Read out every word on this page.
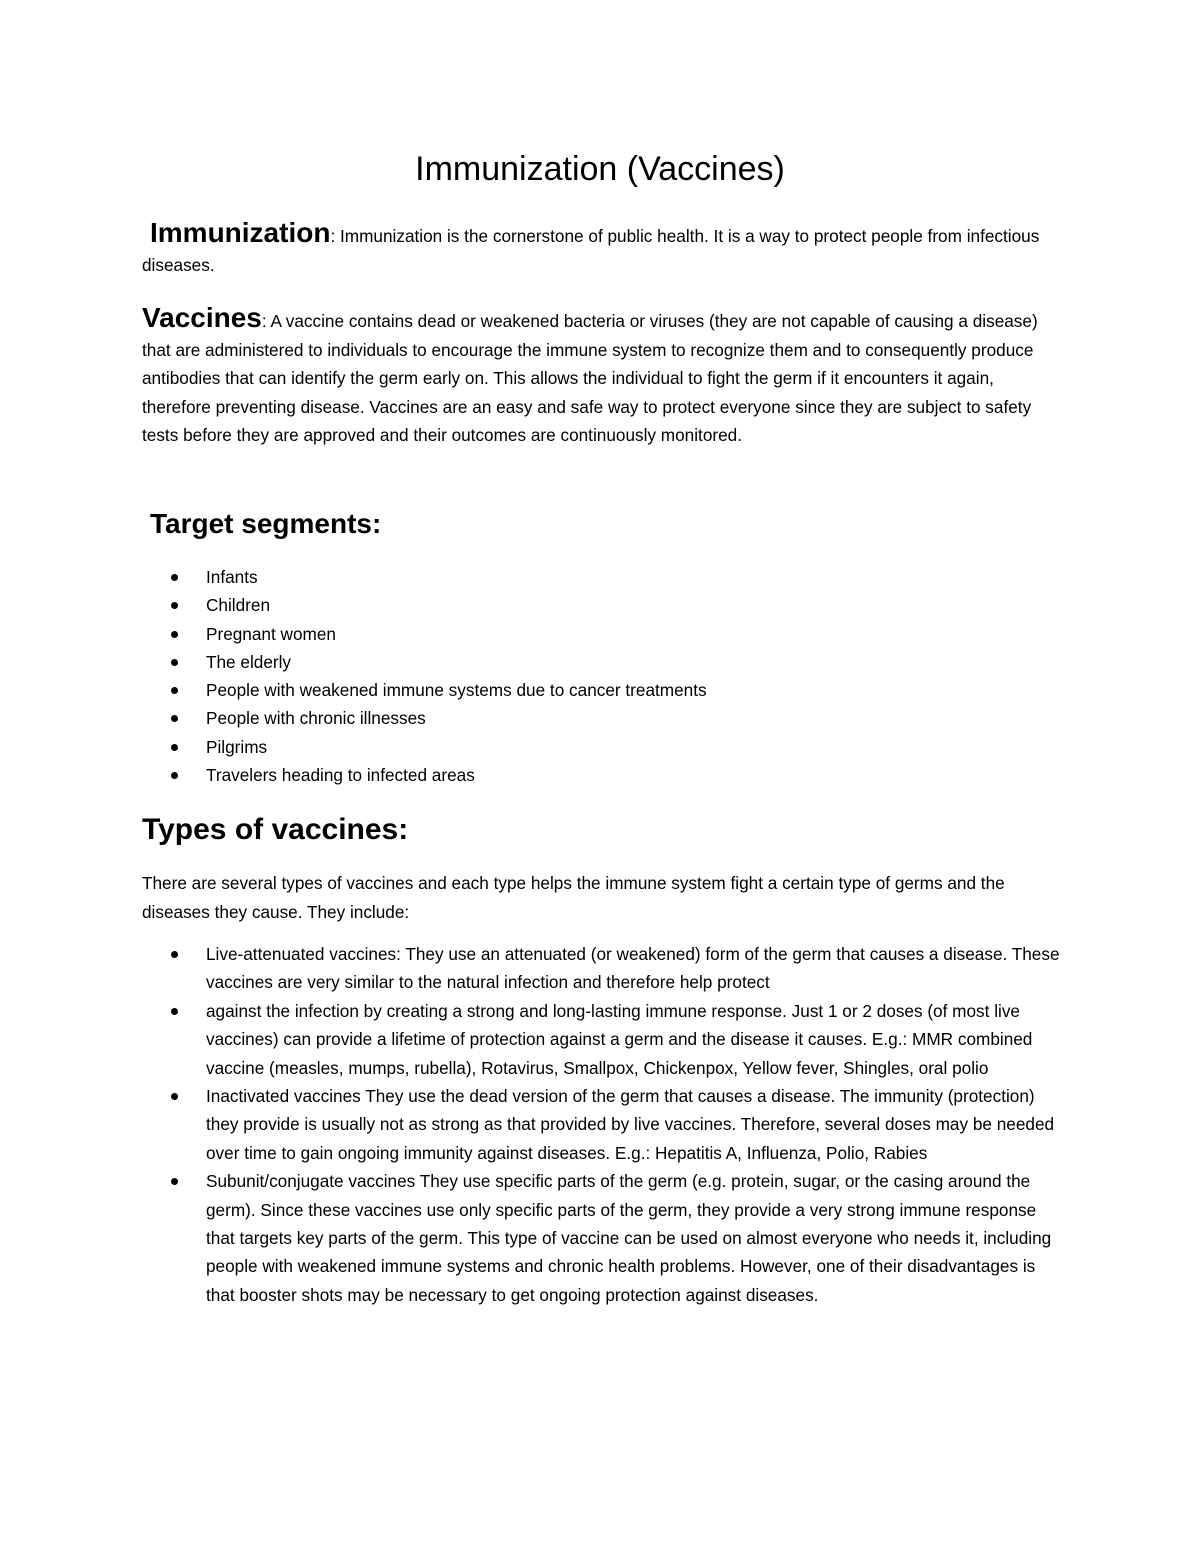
Immunization (Vaccines)

Immunization: Immunization is the cornerstone of public health. It is a way to protect people from infectious diseases.

Vaccines: A vaccine contains dead or weakened bacteria or viruses (they are not capable of causing a disease) that are administered to individuals to encourage the immune system to recognize them and to consequently produce antibodies that can identify the germ early on. This allows the individual to fight the germ if it encounters it again, therefore preventing disease. Vaccines are an easy and safe way to protect everyone since they are subject to safety tests before they are approved and their outcomes are continuously monitored.

Target segments:
Infants
Children
Pregnant women
The elderly
People with weakened immune systems due to cancer treatments
People with chronic illnesses
Pilgrims
Travelers heading to infected areas
Types of vaccines:

There are several types of vaccines and each type helps the immune system fight a certain type of germs and the diseases they cause. They include:

Live-attenuated vaccines: They use an attenuated (or weakened) form of the germ that causes a disease. These vaccines are very similar to the natural infection and therefore help protect
against the infection by creating a strong and long-lasting immune response. Just 1 or 2 doses (of most live vaccines) can provide a lifetime of protection against a germ and the disease it causes. E.g.: MMR combined vaccine (measles, mumps, rubella), Rotavirus, Smallpox, Chickenpox, Yellow fever, Shingles, oral polio
Inactivated vaccines They use the dead version of the germ that causes a disease. The immunity (protection) they provide is usually not as strong as that provided by live vaccines. Therefore, several doses may be needed over time to gain ongoing immunity against diseases. E.g.: Hepatitis A, Influenza, Polio, Rabies
Subunit/conjugate vaccines They use specific parts of the germ (e.g. protein, sugar, or the casing around the germ). Since these vaccines use only specific parts of the germ, they provide a very strong immune response that targets key parts of the germ. This type of vaccine can be used on almost everyone who needs it, including people with weakened immune systems and chronic health problems. However, one of their disadvantages is that booster shots may be necessary to get ongoing protection against diseases.
